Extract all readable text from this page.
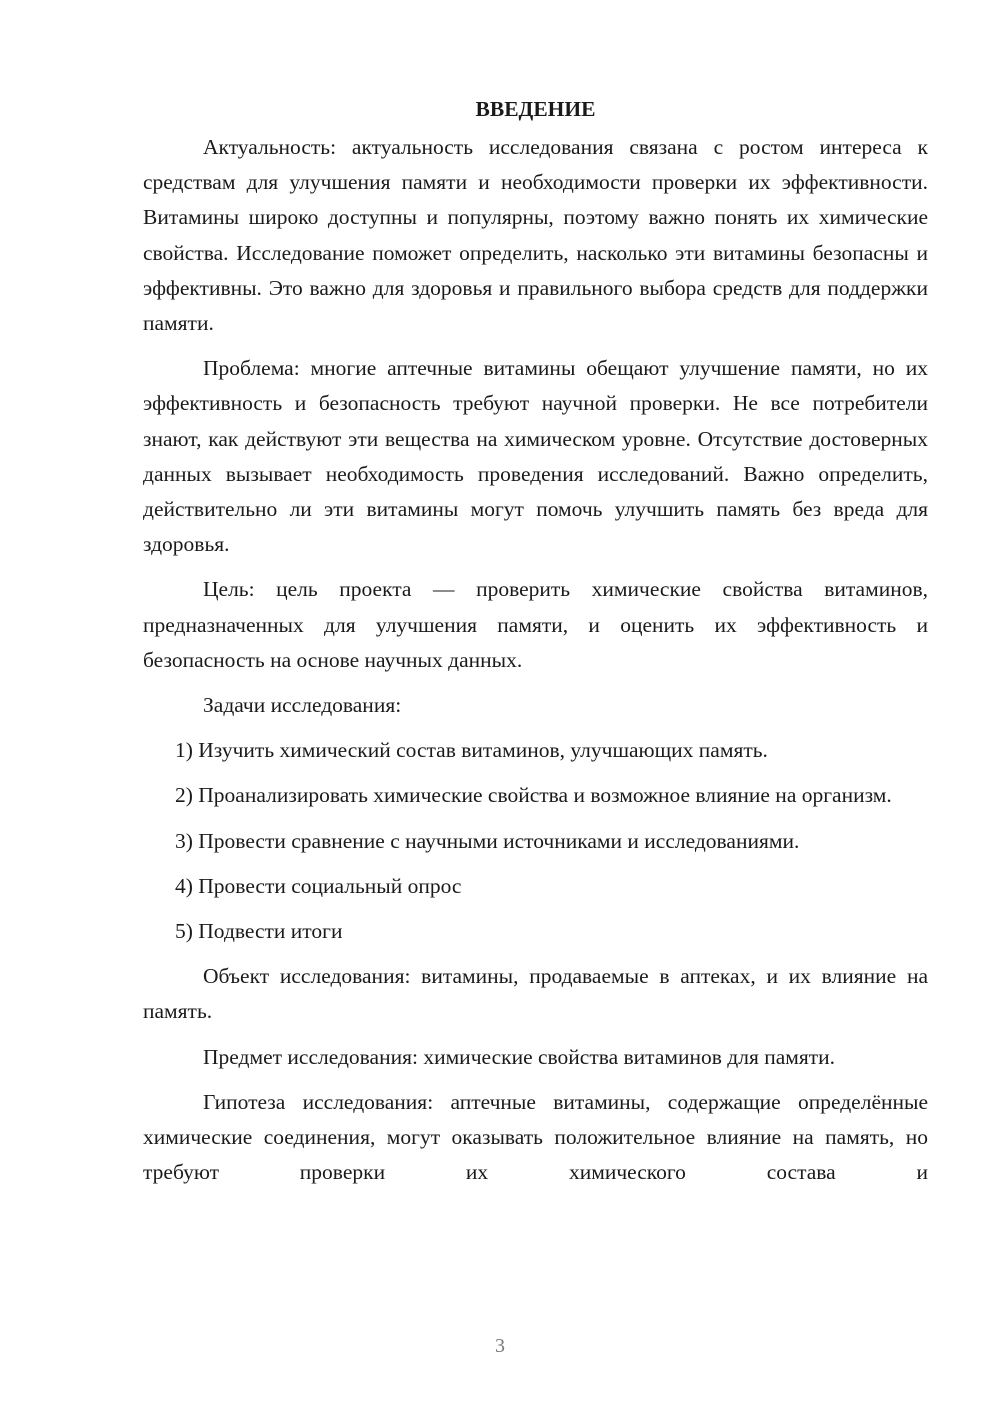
ВВЕДЕНИЕ

Актуальность: актуальность исследования связана с ростом интереса к средствам для улучшения памяти и необходимости проверки их эффективности. Витамины широко доступны и популярны, поэтому важно понять их химические свойства. Исследование поможет определить, насколько эти витамины безопасны и эффективны. Это важно для здоровья и правильного выбора средств для поддержки памяти.

Проблема: многие аптечные витамины обещают улучшение памяти, но их эффективность и безопасность требуют научной проверки. Не все потребители знают, как действуют эти вещества на химическом уровне. Отсутствие достоверных данных вызывает необходимость проведения исследований. Важно определить, действительно ли эти витамины могут помочь улучшить память без вреда для здоровья.

Цель: цель проекта — проверить химические свойства витаминов, предназначенных для улучшения памяти, и оценить их эффективность и безопасность на основе научных данных.

Задачи исследования:

1) Изучить химический состав витаминов, улучшающих память.

2) Проанализировать химические свойства и возможное влияние на организм.

3) Провести сравнение с научными источниками и исследованиями.

4) Провести социальный опрос

5) Подвести итоги

Объект исследования: витамины, продаваемые в аптеках, и их влияние на память.

Предмет исследования: химические свойства витаминов для памяти.

Гипотеза исследования: аптечные витамины, содержащие определённые химические соединения, могут оказывать положительное влияние на память, но требуют проверки их химического состава и

3
